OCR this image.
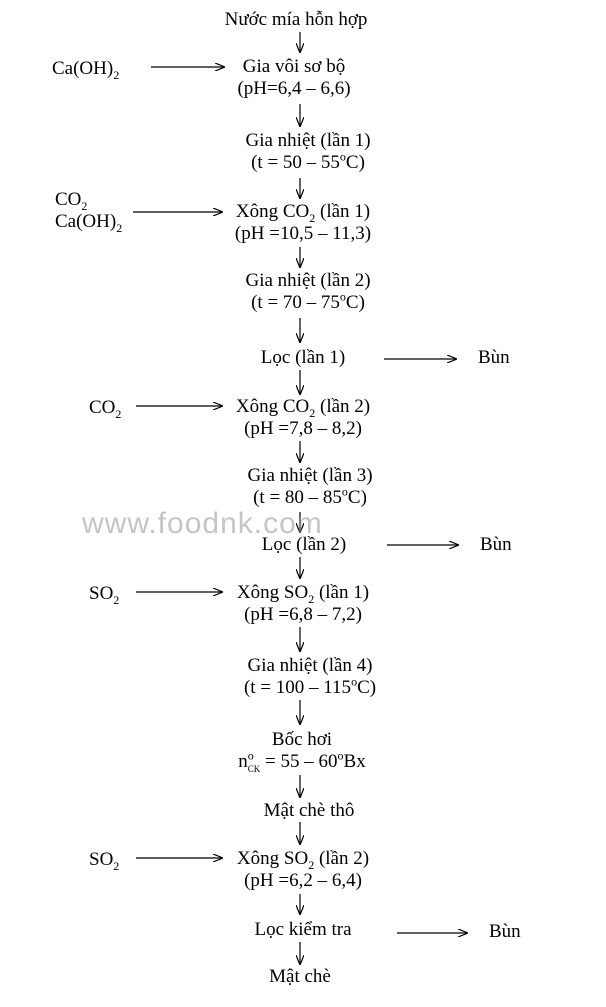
Nước mía hỗn hợp
Gia vôi sơ bộ
(pH=6,4 – 6,6)
Gia nhiệt (lần 1)
(t = 50 – 55$^o$C)
Xông $CO_2$ (lần 1)
(pH =10,5 – 11,3)
Gia nhiệt (lần 2)
(t = 70 – 75$^o$C)
Lọc (lần 1)
Xông $CO_2$ (lần 2)
(pH =7,8 – 8,2)
Gia nhiệt (lần 3)
(t = 80 – 85$^o$C)
Lọc (lần 2)
Xông $SO_2$ (lần 1)
(pH =6,8 – 7,2)
Gia nhiệt (lần 4)
(t = 100 – 115$^o$C)
Bốc hơi
$n^o_{CK} = 55 - 60^oBx$
Mật chè thô
Xông $SO_2$ (lần 2)
(pH =6,2 – 6,4)
Lọc kiểm tra
Mật chè
$Ca(OH)_2$
$CO_2$
$Ca(OH)_2$
$CO_2$
$SO_2$
$SO_2$
Bùn
Bùn
Bùn
www.foodnk.com
